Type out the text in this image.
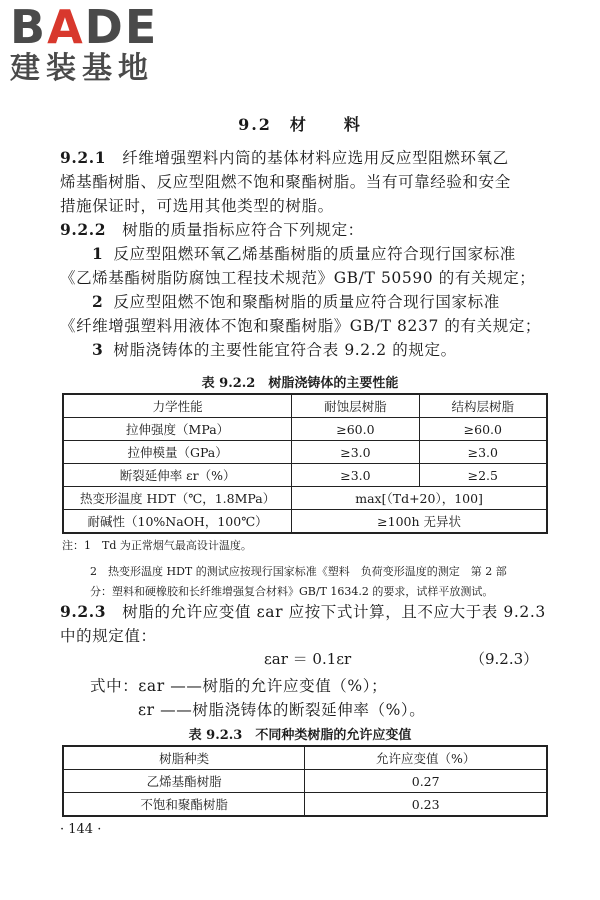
BADE
建装基地
9.2 材 料
9.2.1　 纤维增强塑料内筒的基体材料应选用反应型阻燃环氧乙
烯基酯树脂、反应型阻燃不饱和聚酯树脂。当有可靠经验和安全
措施保证时，可选用其他类型的树脂。
9.2.2　 树脂的质量指标应符合下列规定：
1 反应型阻燃环氧乙烯基酯树脂的质量应符合现行国家标准
《乙烯基酯树脂防腐蚀工程技术规范》GB/T 50590 的有关规定；
2 反应型阻燃不饱和聚酯树脂的质量应符合现行国家标准
《纤维增强塑料用液体不饱和聚酯树脂》GB/T 8237 的有关规定；
3 树脂浇铸体的主要性能宜符合表 9.2.2 的规定。
表 9.2.2　树脂浇铸体的主要性能
力学性能	耐蚀层树脂	结构层树脂
拉伸强度（MPa）	≥60.0	≥60.0
拉伸模量（GPa）	≥3.0	≥3.0
断裂延伸率 εr（%）	≥3.0	≥2.5
热变形温度 HDT（℃，1.8MPa）	max[（Td+20），100]	
耐碱性（10%NaOH，100℃）	≥100h 无异状	
注：1　Td 为正常烟气最高设计温度。
2　热变形温度 HDT 的测试应按现行国家标准《塑料　负荷变形温度的测定　第 2 部
分：塑料和硬橡胶和长纤维增强复合材料》GB/T 1634.2 的要求，试样平放测试。
9.2.3　 树脂的允许应变值 εar 应按下式计算，且不应大于表 9.2.3
中的规定值：
εar ＝ 0.1εr	（9.2.3）
式中：εar ——树脂的允许应变值（%）；
εr ——树脂浇铸体的断裂延伸率（%）。
表 9.2.3　不同种类树脂的允许应变值
树脂种类	允许应变值（%）
乙烯基酯树脂	0.27
不饱和聚酯树脂	0.23
· 144 ·
